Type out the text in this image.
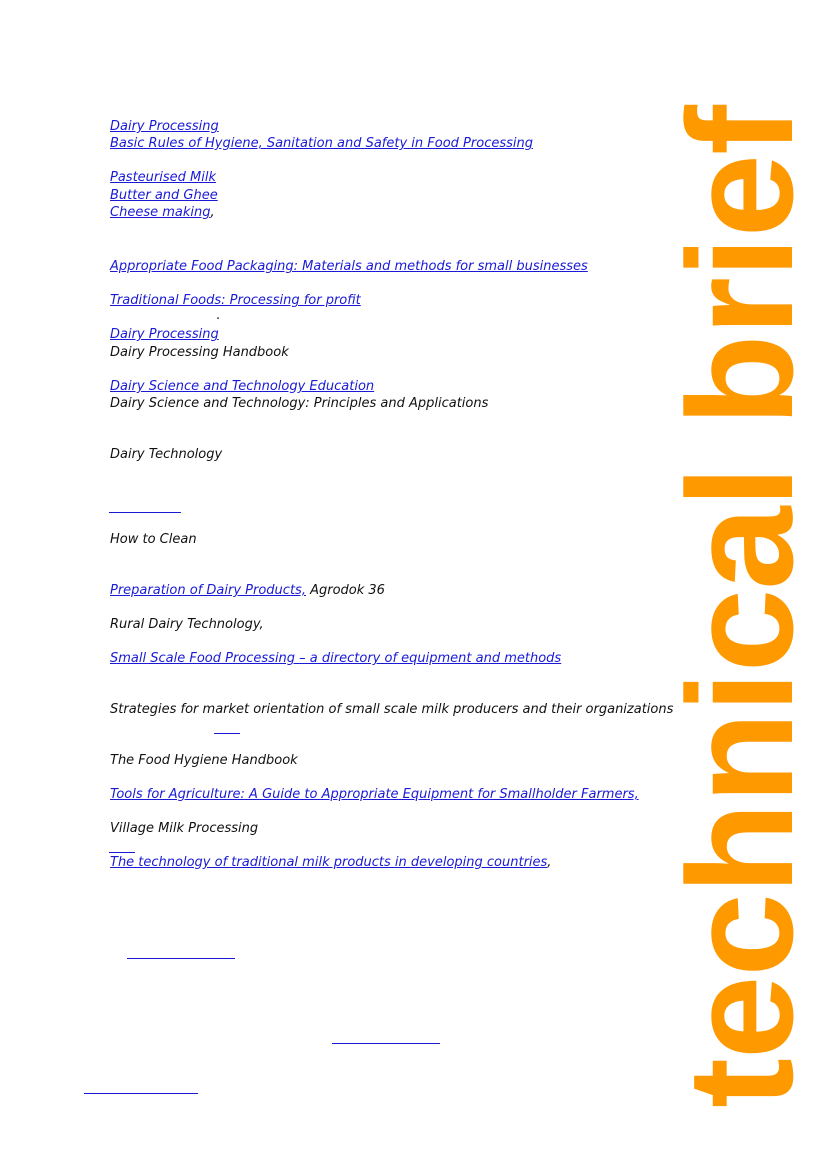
Dairy Processing
Basic Rules of Hygiene, Sanitation and Safety in Food Processing
Pasteurised Milk
Butter and Ghee
Cheese making,
Appropriate Food Packaging: Materials and methods for small businesses
Traditional Foods: Processing for profit
.
Dairy Processing
Dairy Processing Handbook
Dairy Science and Technology Education
Dairy Science and Technology: Principles and Applications
Dairy Technology
How to Clean
Preparation of Dairy Products, Agrodok 36
Rural Dairy Technology,
Small Scale Food Processing – a directory of equipment and methods
Strategies for market orientation of small scale milk producers and their organizations
The Food Hygiene Handbook
Tools for Agriculture: A Guide to Appropriate Equipment for Smallholder Farmers,
Village Milk Processing
The technology of traditional milk products in developing countries, technical brief
